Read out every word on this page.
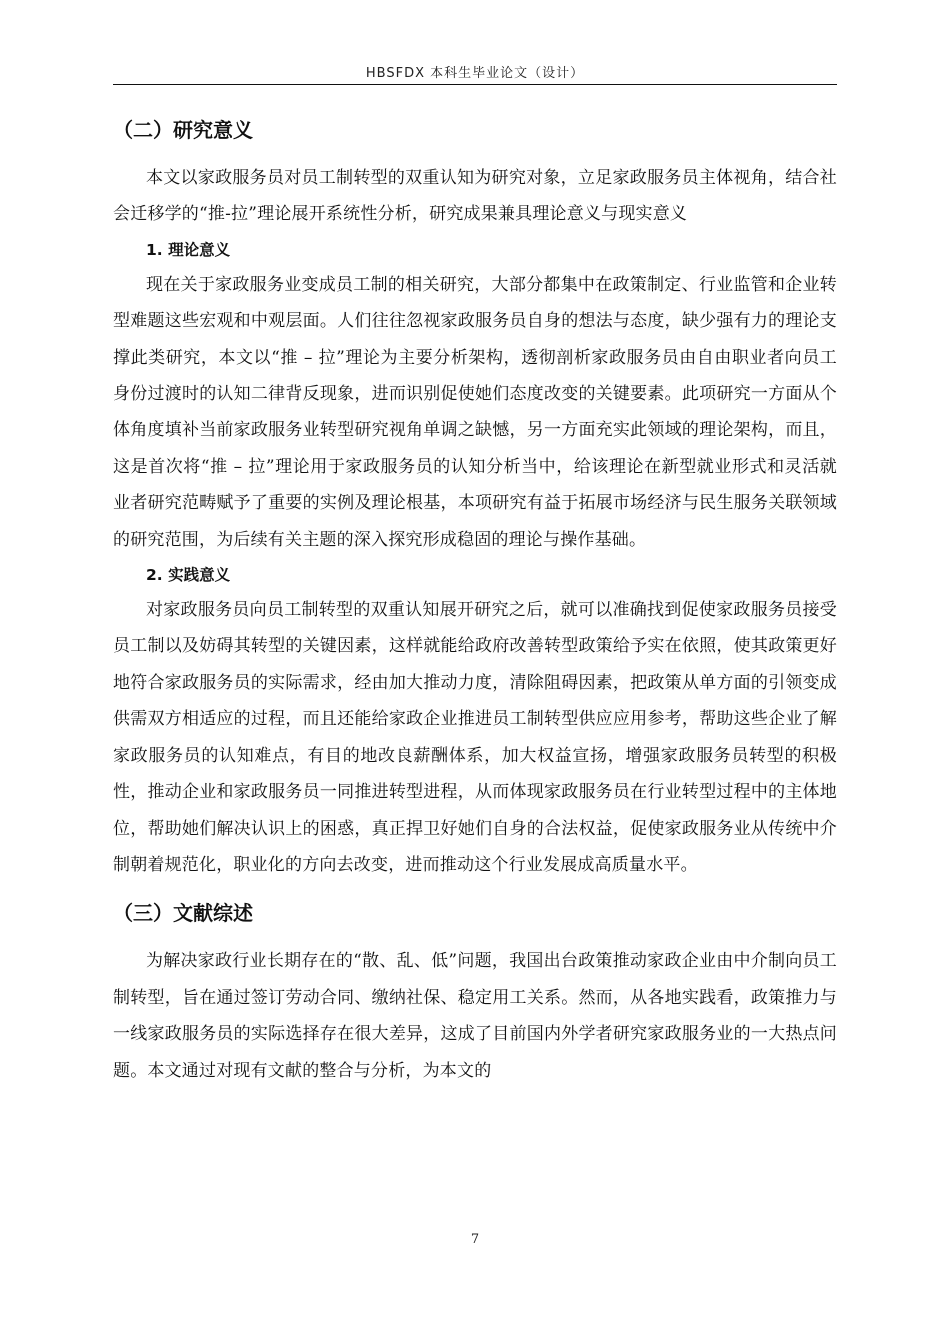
HBSFDX 本科生毕业论文（设计）
（二）研究意义

本文以家政服务员对员工制转型的双重认知为研究对象，立足家政服务员主体视角，结合社会迁移学的“推-拉”理论展开系统性分析，研究成果兼具理论意义与现实意义

1. 理论意义

现在关于家政服务业变成员工制的相关研究，大部分都集中在政策制定、行业监管和企业转型难题这些宏观和中观层面。人们往往忽视家政服务员自身的想法与态度，缺少强有力的理论支撑此类研究，本文以“推 – 拉”理论为主要分析架构，透彻剖析家政服务员由自由职业者向员工身份过渡时的认知二律背反现象，进而识别促使她们态度改变的关键要素。此项研究一方面从个体角度填补当前家政服务业转型研究视角单调之缺憾，另一方面充实此领域的理论架构，而且，这是首次将“推 – 拉”理论用于家政服务员的认知分析当中，给该理论在新型就业形式和灵活就业者研究范畴赋予了重要的实例及理论根基，本项研究有益于拓展市场经济与民生服务关联领域的研究范围，为后续有关主题的深入探究形成稳固的理论与操作基础。

2. 实践意义

对家政服务员向员工制转型的双重认知展开研究之后，就可以准确找到促使家政服务员接受员工制以及妨碍其转型的关键因素，这样就能给政府改善转型政策给予实在依照，使其政策更好地符合家政服务员的实际需求，经由加大推动力度，清除阻碍因素，把政策从单方面的引领变成供需双方相适应的过程，而且还能给家政企业推进员工制转型供应应用参考，帮助这些企业了解家政服务员的认知难点，有目的地改良薪酬体系，加大权益宣扬，增强家政服务员转型的积极性，推动企业和家政服务员一同推进转型进程，从而体现家政服务员在行业转型过程中的主体地位，帮助她们解决认识上的困惑，真正捍卫好她们自身的合法权益，促使家政服务业从传统中介制朝着规范化，职业化的方向去改变，进而推动这个行业发展成高质量水平。

（三）文献综述

为解决家政行业长期存在的“散、乱、低”问题，我国出台政策推动家政企业由中介制向员工制转型，旨在通过签订劳动合同、缴纳社保、稳定用工关系。然而，从各地实践看，政策推力与一线家政服务员的实际选择存在很大差异，这成了目前国内外学者研究家政服务业的一大热点问题。本文通过对现有文献的整合与分析，为本文的

7
